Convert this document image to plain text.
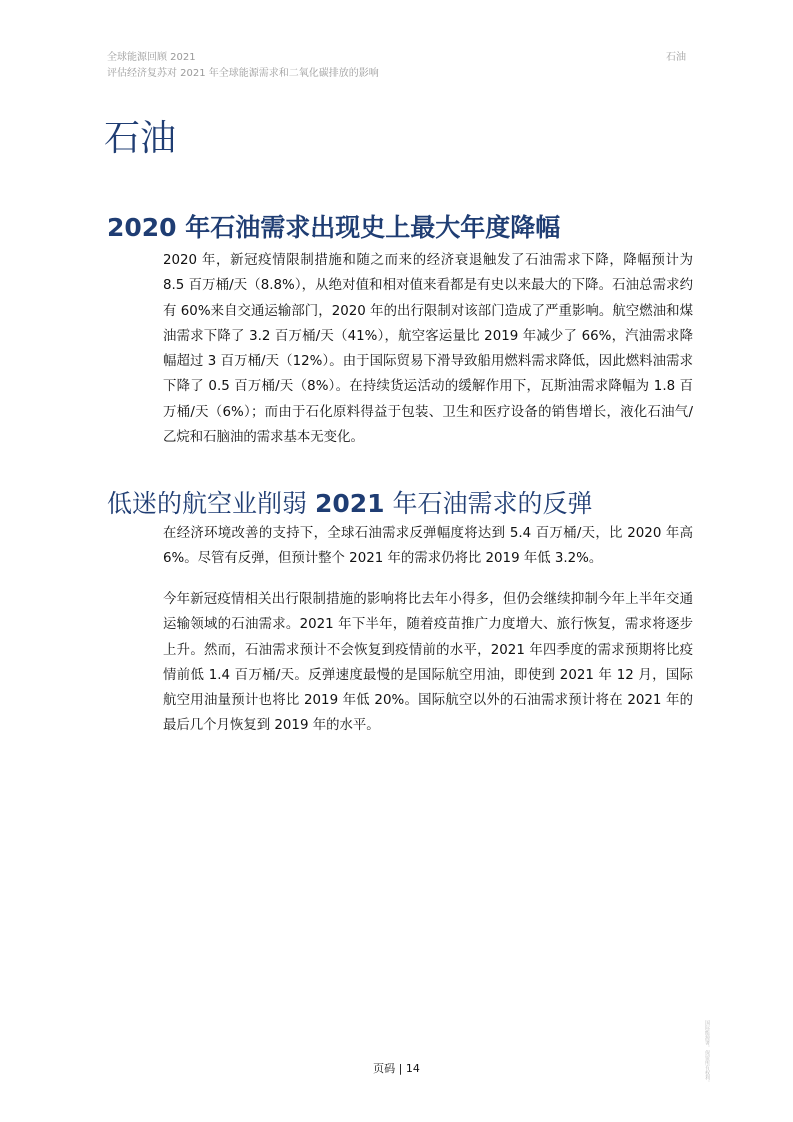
全球能源回顾 2021
评估经济复苏对 2021 年全球能源需求和二氧化碳排放的影响
石油
石油
2020 年石油需求出现史上最大年度降幅

2020 年，新冠疫情限制措施和随之而来的经济衰退触发了石油需求下降，降幅预计为 8.5 百万桶/天（8.8%），从绝对值和相对值来看都是有史以来最大的下降。石油总需求约有 60%来自交通运输部门，2020 年的出行限制对该部门造成了严重影响。航空燃油和煤油需求下降了 3.2 百万桶/天（41%），航空客运量比 2019 年减少了 66%，汽油需求降幅超过 3 百万桶/天（12%）。由于国际贸易下滑导致船用燃料需求降低，因此燃料油需求下降了 0.5 百万桶/天（8%）。在持续货运活动的缓解作用下，瓦斯油需求降幅为 1.8 百万桶/天（6%）；而由于石化原料得益于包装、卫生和医疗设备的销售增长，液化石油气/乙烷和石脑油的需求基本无变化。

低迷的航空业削弱 2021 年石油需求的反弹

在经济环境改善的支持下，全球石油需求反弹幅度将达到 5.4 百万桶/天，比 2020 年高 6%。尽管有反弹，但预计整个 2021 年的需求仍将比 2019 年低 3.2%。

今年新冠疫情相关出行限制措施的影响将比去年小得多，但仍会继续抑制今年上半年交通运输领域的石油需求。2021 年下半年，随着疫苗推广力度增大、旅行恢复，需求将逐步上升。然而，石油需求预计不会恢复到疫情前的水平，2021 年四季度的需求预期将比疫情前低 1.4 百万桶/天。反弹速度最慢的是国际航空用油，即使到 2021 年 12 月，国际航空用油量预计也将比 2019 年低 20%。国际航空以外的石油需求预计将在 2021 年的最后几个月恢复到 2019 年的水平。

页码 | 14	国际能源署。保留所有权利。
